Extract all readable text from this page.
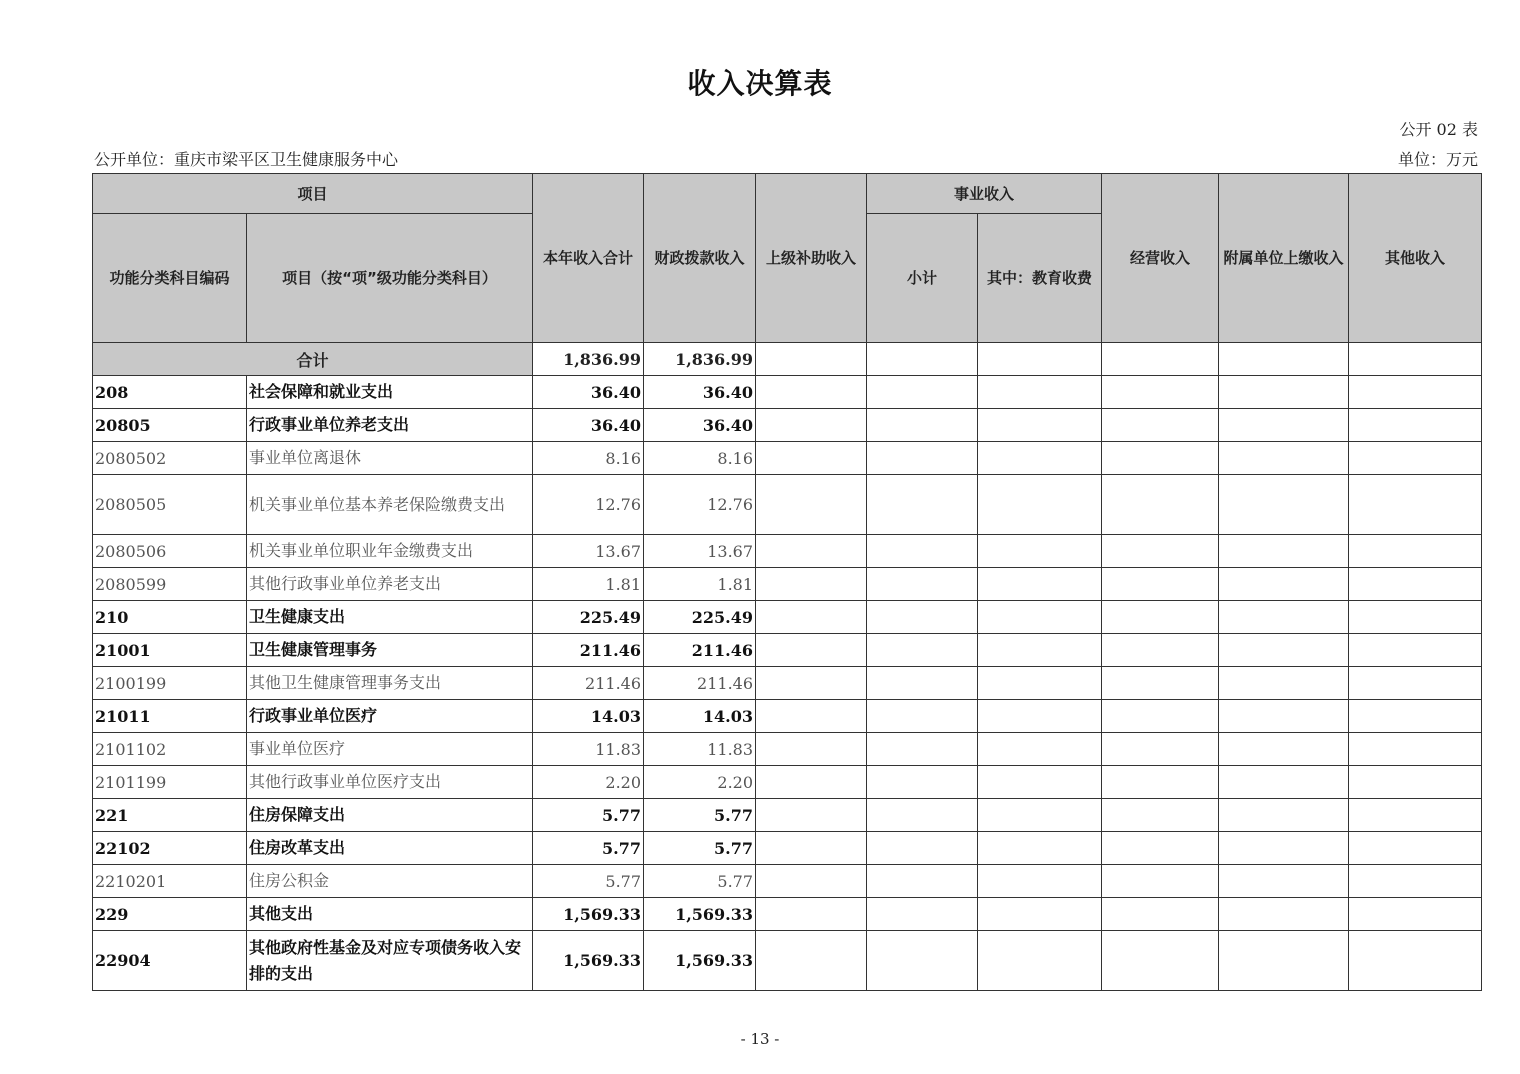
收入决算表
公开 02 表
公开单位：重庆市梁平区卫生健康服务中心	单位：万元
项目		本年收入合计	财政拨款收入	上级补助收入	事业收入		经营收入	附属单位上缴收入	其他收入
功能分类科目编码	项目（按“项”级功能分类科目）				小计	其中：教育收费			
合计		1,836.99	1,836.99						
208	社会保障和就业支出	36.40	36.40						
20805	行政事业单位养老支出	36.40	36.40						
2080502	事业单位离退休	8.16	8.16						
2080505	机关事业单位基本养老保险缴费支出	12.76	12.76						
2080506	机关事业单位职业年金缴费支出	13.67	13.67						
2080599	其他行政事业单位养老支出	1.81	1.81						
210	卫生健康支出	225.49	225.49						
21001	卫生健康管理事务	211.46	211.46						
2100199	其他卫生健康管理事务支出	211.46	211.46						
21011	行政事业单位医疗	14.03	14.03						
2101102	事业单位医疗	11.83	11.83						
2101199	其他行政事业单位医疗支出	2.20	2.20						
221	住房保障支出	5.77	5.77						
22102	住房改革支出	5.77	5.77						
2210201	住房公积金	5.77	5.77						
229	其他支出	1,569.33	1,569.33						
22904	其他政府性基金及对应专项债务收入安排的支出	1,569.33	1,569.33						
- 13 -
